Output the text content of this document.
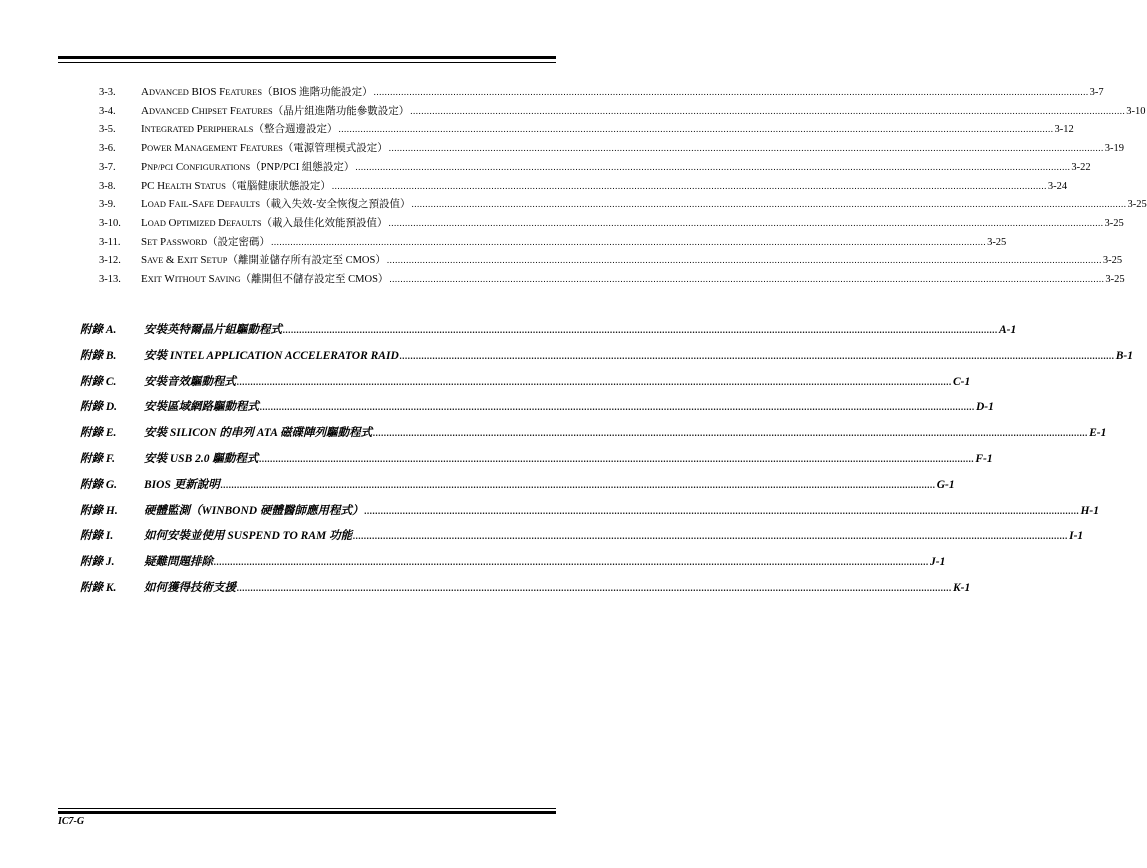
3-3.	ADVANCED BIOS FEATURES （BIOS 進階功能設定） .................................................................................................................................................................................................................................................................... 3-7
3-4.	ADVANCED CHIPSET FEATURES （晶片組進階功能參數設定） .................................................................................................................................................................................................................................................................... 3-10
3-5.	INTEGRATED PERIPHERALS （整合週邊設定） .................................................................................................................................................................................................................................................................... 3-12
3-6.	POWER MANAGEMENT FEATURES （電源管理模式設定） .................................................................................................................................................................................................................................................................... 3-19
3-7.	PNP/PCI CONFIGURATIONS （PNP/PCI 組態設定） .................................................................................................................................................................................................................................................................... 3-22
3-8.	PC HEALTH STATUS （電腦健康狀態設定） .................................................................................................................................................................................................................................................................... 3-24
3-9.	LOAD FAIL-SAFE DEFAULTS （載入失效-安全恢復之預設值） .................................................................................................................................................................................................................................................................... 3-25
3-10.	LOAD OPTIMIZED DEFAULTS （載入最佳化效能預設值） .................................................................................................................................................................................................................................................................... 3-25
3-11.	SET PASSWORD （設定密碼） .................................................................................................................................................................................................................................................................... 3-25
3-12.	SAVE & EXIT SETUP （離開並儲存所有設定至 CMOS） .................................................................................................................................................................................................................................................................... 3-25
3-13.	EXIT WITHOUT SAVING （離開但不儲存設定至 CMOS） .................................................................................................................................................................................................................................................................... 3-25
附錄 A.	安裝英特爾晶片組驅動程式 .................................................................................................................................................................................................................................................................... A-1
附錄 B.	安裝 INTEL APPLICATION ACCELERATOR RAID .................................................................................................................................................................................................................................................................... B-1
附錄 C.	安裝音效驅動程式 .................................................................................................................................................................................................................................................................... C-1
附錄 D.	安裝區域網路驅動程式 .................................................................................................................................................................................................................................................................... D-1
附錄 E.	安裝 SILICON 的串列 ATA 磁碟陣列驅動程式 .................................................................................................................................................................................................................................................................... E-1
附錄 F.	安裝 USB 2.0 驅動程式 .................................................................................................................................................................................................................................................................... F-1
附錄 G.	BIOS 更新說明 .................................................................................................................................................................................................................................................................... G-1
附錄 H.	硬體監測（WINBOND 硬體醫師應用程式） .................................................................................................................................................................................................................................................................... H-1
附錄 I.	如何安裝並使用 SUSPEND TO RAM 功能 .................................................................................................................................................................................................................................................................... I-1
附錄 J.	疑難問題排除 .................................................................................................................................................................................................................................................................... J-1
附錄 K.	如何獲得技術支援 .................................................................................................................................................................................................................................................................... K-1
IC7-G
